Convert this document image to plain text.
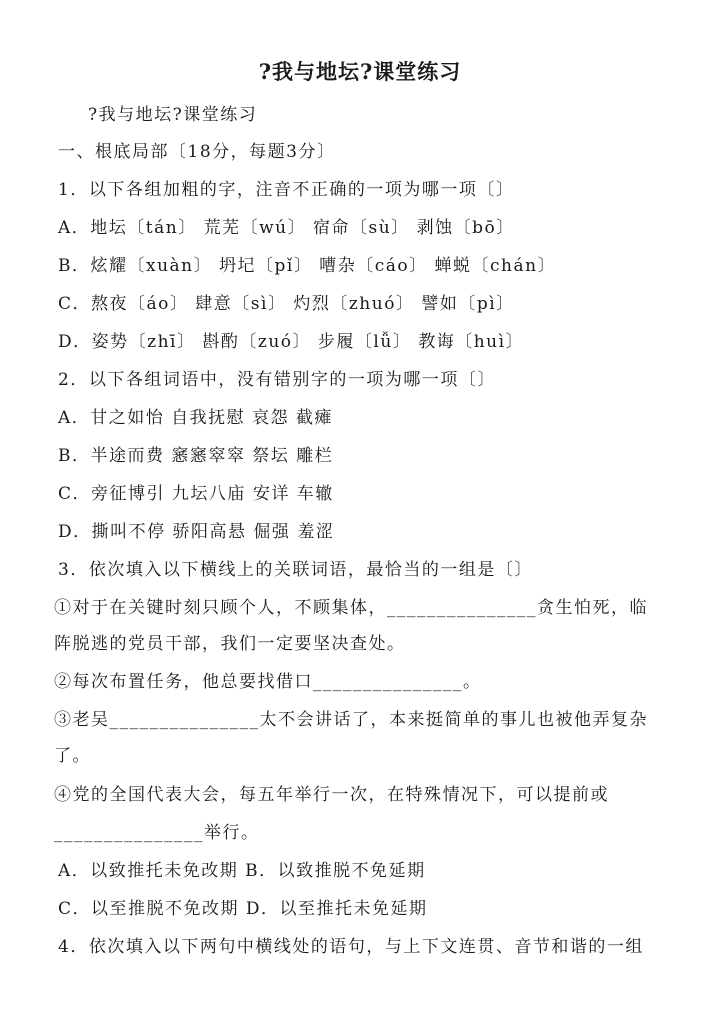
?我与地坛?课堂练习
?我与地坛?课堂练习
一、根底局部〔18分，每题3分〕
1．以下各组加粗的字，注音不正确的一项为哪一项〔〕
A．地坛〔tán〕 荒芜〔wú〕 宿命〔sù〕 剥蚀〔bō〕
B．炫耀〔xuàn〕 坍圮〔pǐ〕 嘈杂〔cáo〕 蝉蜕〔chán〕
C．熬夜〔áo〕 肆意〔sì〕 灼烈〔zhuó〕 譬如〔pì〕
D．姿势〔zhī〕 斟酌〔zuó〕 步履〔lǚ〕 教诲〔huì〕
2．以下各组词语中，没有错别字的一项为哪一项〔〕
A．甘之如怡 自我抚慰 哀怨 截瘫
B．半途而费 窸窸窣窣 祭坛 雕栏
C．旁征博引 九坛八庙 安详 车辙
D．撕叫不停 骄阳高悬 倔强 羞涩
3．依次填入以下横线上的关联词语，最恰当的一组是〔〕
①对于在关键时刻只顾个人，不顾集体，_______________贪生怕死，临
阵脱逃的党员干部，我们一定要坚决查处。
②每次布置任务，他总要找借口_______________。
③老吴_______________太不会讲话了，本来挺简单的事儿也被他弄复杂
了。
④党的全国代表大会，每五年举行一次，在特殊情况下，可以提前或
_______________举行。
A．以致推托未免改期 B．以致推脱不免延期
C．以至推脱不免改期 D．以至推托未免延期
4．依次填入以下两句中横线处的语句，与上下文连贯、音节和谐的一组
